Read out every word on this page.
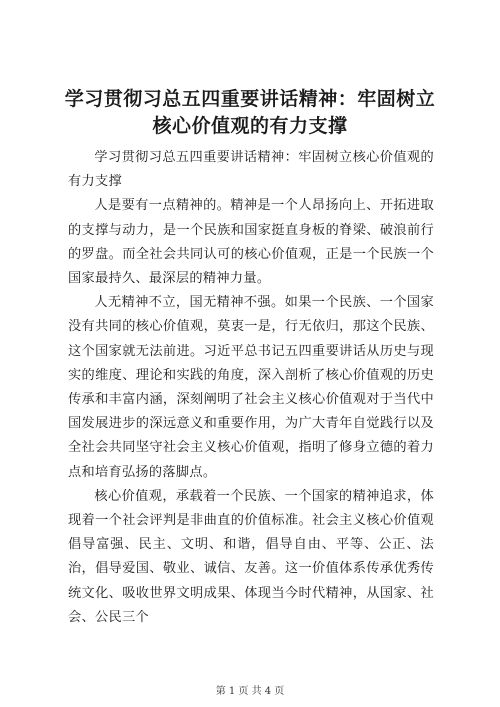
学习贯彻习总五四重要讲话精神：牢固树立核心价值观的有力支撑

学习贯彻习总五四重要讲话精神：牢固树立核心价值观的有力支撑

人是要有一点精神的。精神是一个人昂扬向上、开拓进取的支撑与动力，是一个民族和国家挺直身板的脊梁、破浪前行的罗盘。而全社会共同认可的核心价值观，正是一个民族一个国家最持久、最深层的精神力量。

人无精神不立，国无精神不强。如果一个民族、一个国家没有共同的核心价值观，莫衷一是，行无依归，那这个民族、这个国家就无法前进。习近平总书记五四重要讲话从历史与现实的维度、理论和实践的角度，深入剖析了核心价值观的历史传承和丰富内涵，深刻阐明了社会主义核心价值观对于当代中国发展进步的深远意义和重要作用，为广大青年自觉践行以及全社会共同坚守社会主义核心价值观，指明了修身立德的着力点和培育弘扬的落脚点。

核心价值观，承载着一个民族、一个国家的精神追求，体现着一个社会评判是非曲直的价值标准。社会主义核心价值观倡导富强、民主、文明、和谐，倡导自由、平等、公正、法治，倡导爱国、敬业、诚信、友善。这一价值体系传承优秀传统文化、吸收世界文明成果、体现当今时代精神，从国家、社会、公民三个

第 1 页 共 4 页
